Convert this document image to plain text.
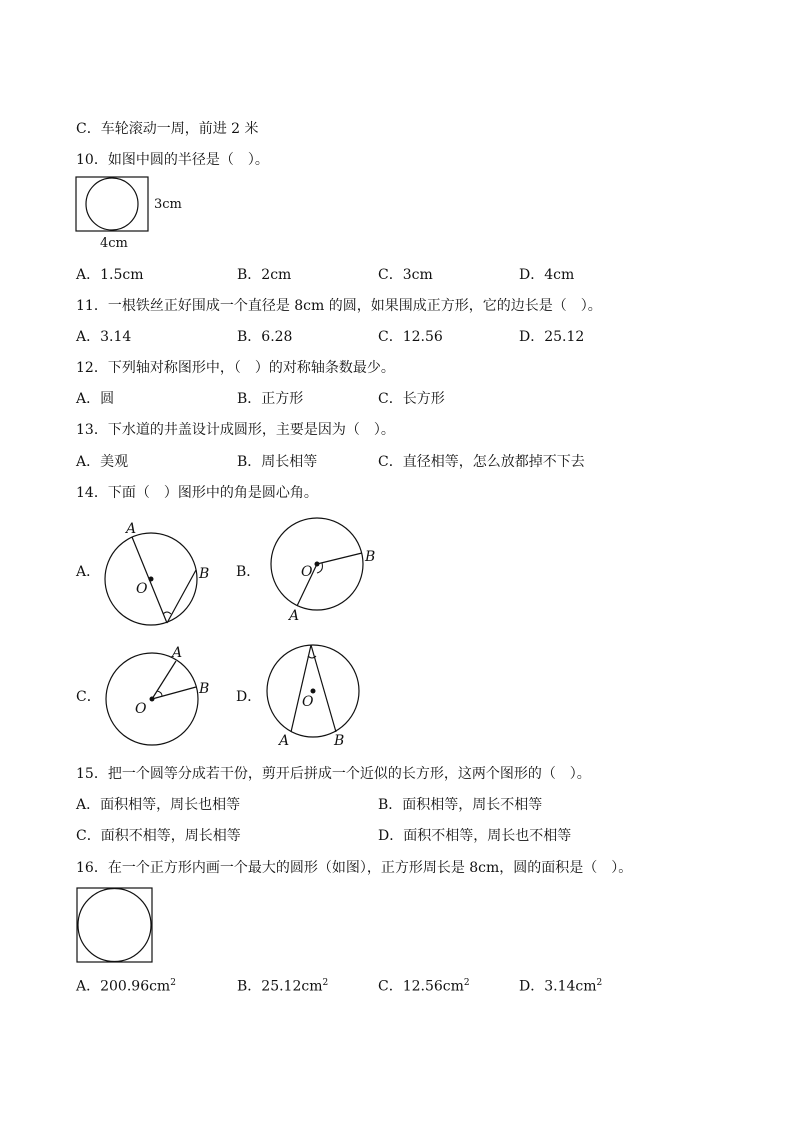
C．车轮滚动一周，前进 2 米
10．如图中圆的半径是（　）。
3cm
4cm
A．1.5cm	B．2cm	C．3cm	D．4cm
11．一根铁丝正好围成一个直径是 8cm 的圆，如果围成正方形，它的边长是（　）。
A．3.14	B．6.28	C．12.56	D．25.12
12．下列轴对称图形中，（　）的对称轴条数最少。
A．圆	B．正方形	C．长方形
13．下水道的井盖设计成圆形，主要是因为（　）。
A．美观	B．周长相等	C．直径相等，怎么放都掉不下去
14．下面（　）图形中的角是圆心角。
A．
A
O
B B．	O
B
A
C．
A
B
O
D．	O
A	B
15．把一个圆等分成若干份，剪开后拼成一个近似的长方形，这两个图形的（　）。
A．面积相等，周长也相等	B．面积相等，周长不相等
C．面积不相等，周长相等	D．面积不相等，周长也不相等
16．在一个正方形内画一个最大的圆形（如图），正方形周长是 8cm，圆的面积是（　）。
A．$200.96cm^2$	B．$25.12cm^2$	C．$12.56cm^2$	D．$3.14cm^2$
